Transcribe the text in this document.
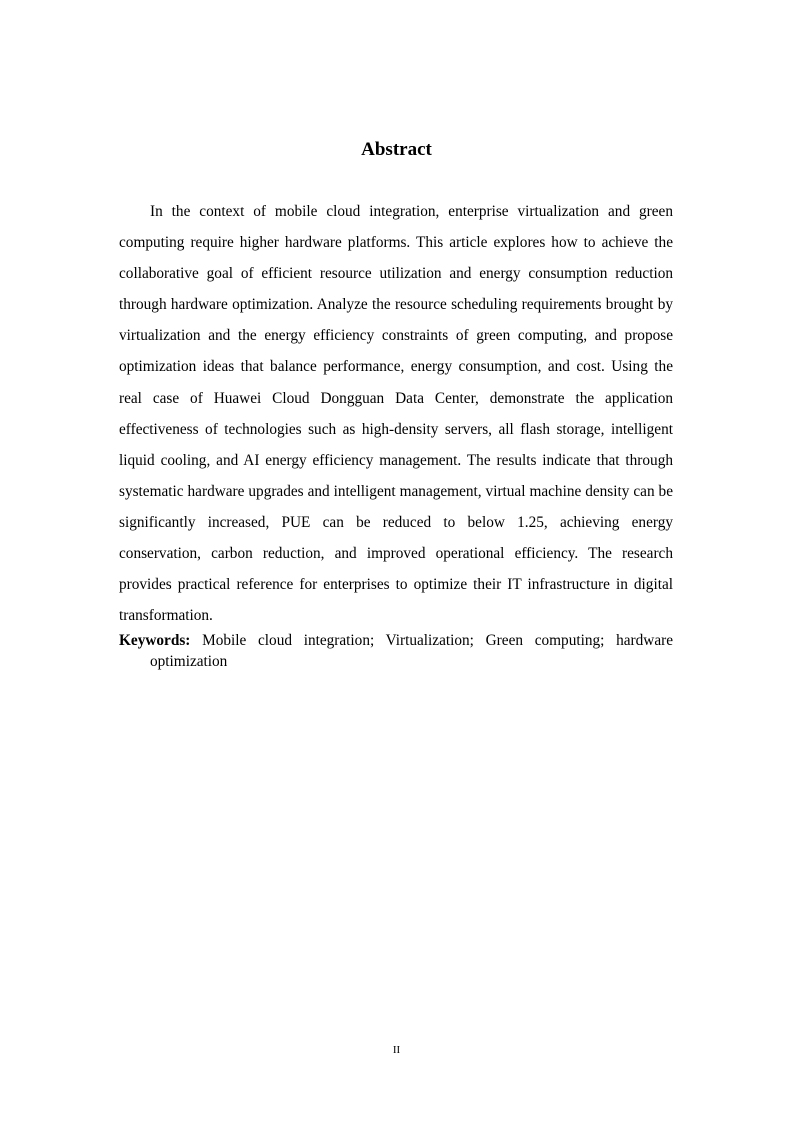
Abstract

In the context of mobile cloud integration, enterprise virtualization and green computing require higher hardware platforms. This article explores how to achieve the collaborative goal of efficient resource utilization and energy consumption reduction through hardware optimization. Analyze the resource scheduling requirements brought by virtualization and the energy efficiency constraints of green computing, and propose optimization ideas that balance performance, energy consumption, and cost. Using the real case of Huawei Cloud Dongguan Data Center, demonstrate the application effectiveness of technologies such as high-density servers, all flash storage, intelligent liquid cooling, and AI energy efficiency management. The results indicate that through systematic hardware upgrades and intelligent management, virtual machine density can be significantly increased, PUE can be reduced to below 1.25, achieving energy conservation, carbon reduction, and improved operational efficiency. The research provides practical reference for enterprises to optimize their IT infrastructure in digital transformation.

Keywords: Mobile cloud integration; Virtualization; Green computing; hardware optimization

II
